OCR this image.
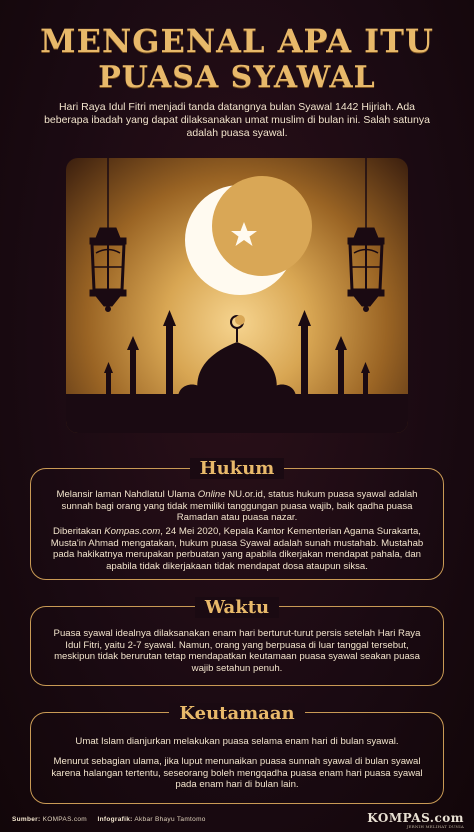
MENGENAL APA ITU
PUASA SYAWAL
Hari Raya Idul Fitri menjadi tanda datangnya bulan Syawal 1442 Hijriah. Ada beberapa ibadah yang dapat dilaksanakan umat muslim di bulan ini. Salah satunya adalah puasa syawal.
Hukum
Melansir laman Nahdlatul Ulama Online NU.or.id, status hukum puasa syawal adalah sunnah bagi orang yang tidak memiliki tanggungan puasa wajib, baik qadha puasa Ramadan atau puasa nazar.
Diberitakan Kompas.com, 24 Mei 2020, Kepala Kantor Kementerian Agama Surakarta, Musta'in Ahmad mengatakan, hukum puasa Syawal adalah sunah mustahab. Mustahab pada hakikatnya merupakan perbuatan yang apabila dikerjakan mendapat pahala, dan apabila tidak dikerjakaan tidak mendapat dosa ataupun siksa.
Waktu
Puasa syawal idealnya dilaksanakan enam hari berturut-turut persis setelah Hari Raya Idul Fitri, yaitu 2-7 syawal. Namun, orang yang berpuasa di luar tanggal tersebut, meskipun tidak berurutan tetap mendapatkan keutamaan puasa syawal seakan puasa wajib setahun penuh.
Keutamaan
Umat Islam dianjurkan melakukan puasa selama enam hari di bulan syawal.
Menurut sebagian ulama, jika luput menunaikan puasa sunnah syawal di bulan syawal karena halangan tertentu, seseorang boleh mengqadha puasa enam hari puasa syawal pada enam hari di bulan lain.
Sumber: KOMPAS.com Infografik: Akbar Bhayu Tamtomo	KOMPAS.com
JERNIH MELIHAT DUNIA
